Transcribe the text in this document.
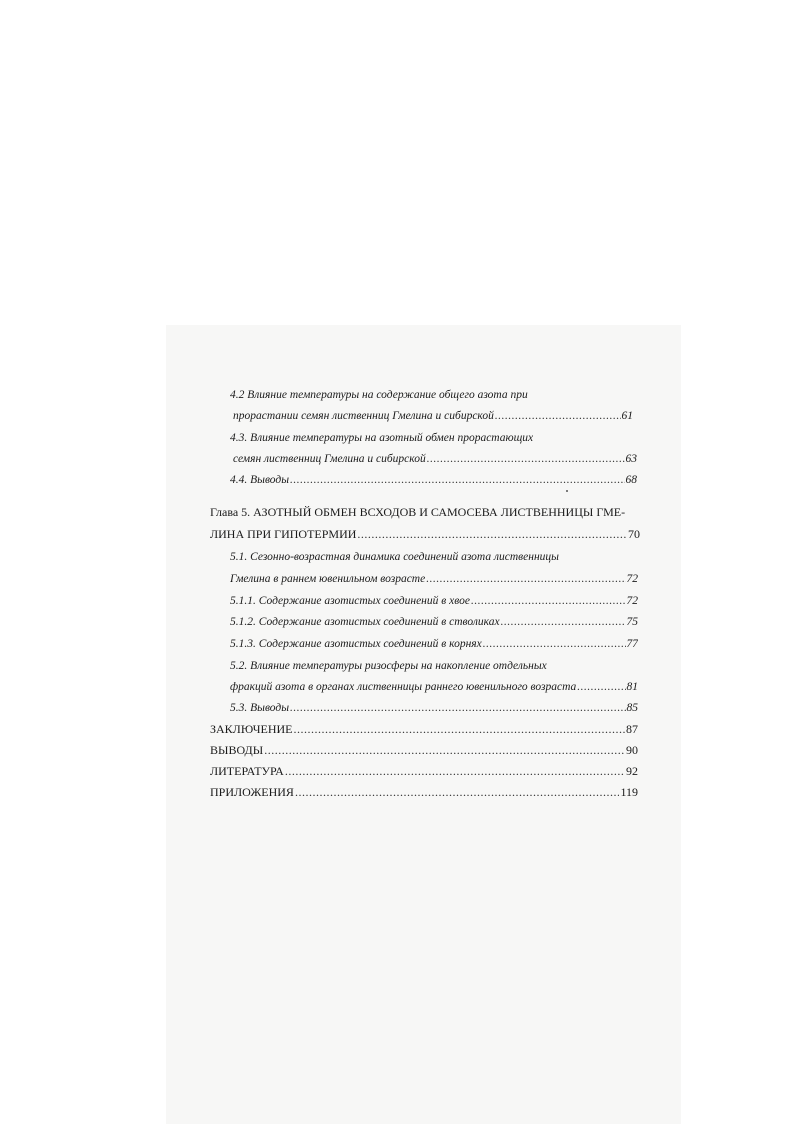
4.2 Влияние температуры на содержание общего азота при
прорастании семян лиственниц Гмелина и сибирской .....	61
4.3. Влияние температуры на азотный обмен прорастающих
семян лиственниц Гмелина и сибирской .....	63
4.4. Выводы .....	68
Глава 5. АЗОТНЫЙ ОБМЕН ВСХОДОВ И САМОСЕВА ЛИСТВЕННИЦЫ ГМЕ-
ЛИНА ПРИ ГИПОТЕРМИИ .....	70
5.1. Сезонно-возрастная динамика соединений азота лиственницы
Гмелина в раннем ювенильном возрасте .....	72
5.1.1. Содержание азотистых соединений в хвое .....	72
5.1.2. Содержание азотистых соединений в стволиках .....	75
5.1.3. Содержание азотистых соединений в корнях .....	77
5.2. Влияние температуры ризосферы на накопление отдельных
фракций азота в органах лиственницы раннего ювенильного возраста .....	81
5.3. Выводы .....	85
ЗАКЛЮЧЕНИЕ .....	87
ВЫВОДЫ .....	90
ЛИТЕРАТУРА .....	92
ПРИЛОЖЕНИЯ .....	119
